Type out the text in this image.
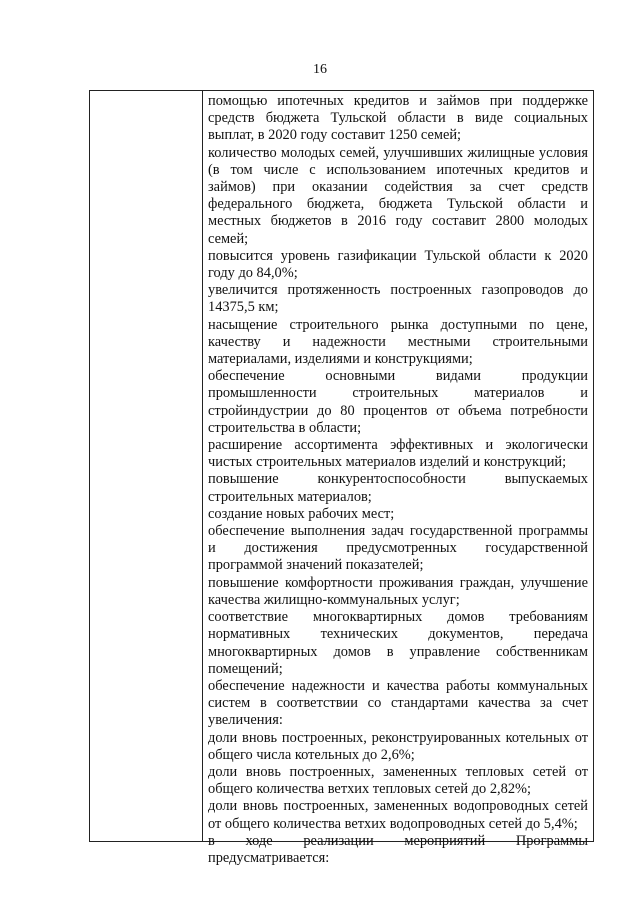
16

помощью ипотечных кредитов и займов при поддержке средств бюджета Тульской области в виде социальных выплат, в 2020 году составит 1250 семей;

количество молодых семей, улучшивших жилищные условия (в том числе с использованием ипотечных кредитов и займов) при оказании содействия за счет средств федерального бюджета, бюджета Тульской области и местных бюджетов в 2016 году составит 2800 молодых семей;

повысится уровень газификации Тульской области к 2020 году до 84,0%;

увеличится протяженность построенных газопроводов до 14375,5 км;

насыщение строительного рынка доступными по цене, качеству и надежности местными строительными материалами, изделиями и конструкциями;

обеспечение основными видами продукции промышленности строительных материалов и стройиндустрии до 80 процентов от объема потребности строительства в области;

расширение ассортимента эффективных и экологически чистых строительных материалов изделий и конструкций;

повышение конкурентоспособности выпускаемых строительных материалов;

создание новых рабочих мест;

обеспечение выполнения задач государственной программы и достижения предусмотренных государственной программой значений показателей;

повышение комфортности проживания граждан, улучшение качества жилищно-коммунальных услуг;

соответствие многоквартирных домов требованиям нормативных технических документов, передача многоквартирных домов в управление собственникам помещений;

обеспечение надежности и качества работы коммунальных систем в соответствии со стандартами качества за счет увеличения:

доли вновь построенных, реконструированных котельных от общего числа котельных до 2,6%;

доли вновь построенных, замененных тепловых сетей от общего количества ветхих тепловых сетей до 2,82%;

доли вновь построенных, замененных водопроводных сетей от общего количества ветхих водопроводных сетей до 5,4%;

в ходе реализации мероприятий Программы предусматривается:
